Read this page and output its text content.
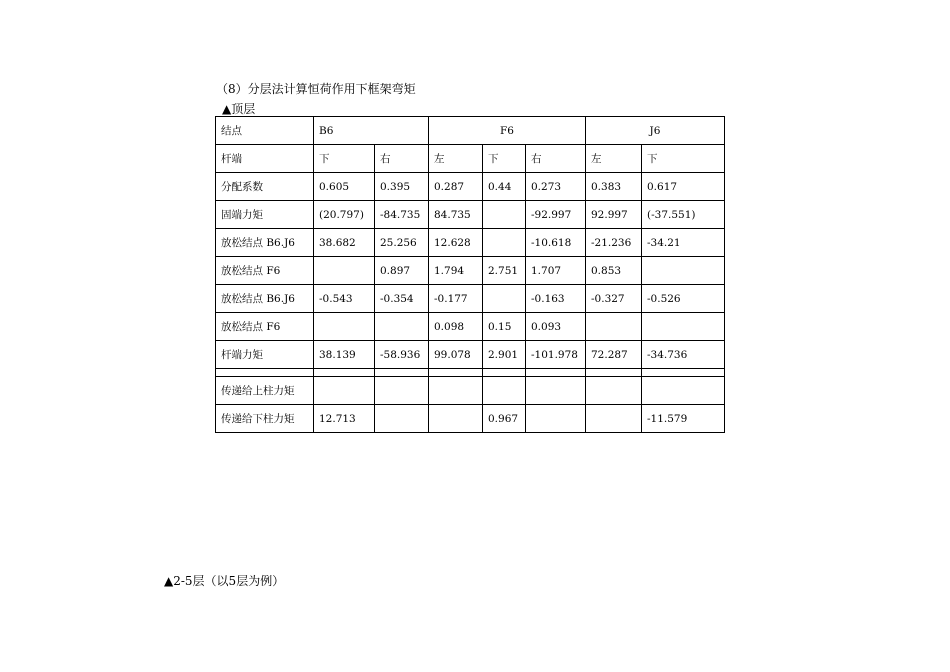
（8）分层法计算恒荷作用下框架弯矩
▲顶层
结点	B6		F6			J6	
杆端	下	右	左	下	右	左	下
分配系数	0.605	0.395	0.287	0.44	0.273	0.383	0.617
固端力矩	(20.797)	-84.735	84.735		-92.997	92.997	(-37.551)
放松结点 B6.J6	38.682	25.256	12.628		-10.618	-21.236	-34.21
放松结点 F6		0.897	1.794	2.751	1.707	0.853	
放松结点 B6.J6	-0.543	-0.354	-0.177		-0.163	-0.327	-0.526
放松结点 F6			0.098	0.15	0.093		
杆端力矩	38.139	-58.936	99.078	2.901	-101.978	72.287	-34.736

传递给上柱力矩							
传递给下柱力矩	12.713			0.967			-11.579
▲2-5层（以5层为例）
